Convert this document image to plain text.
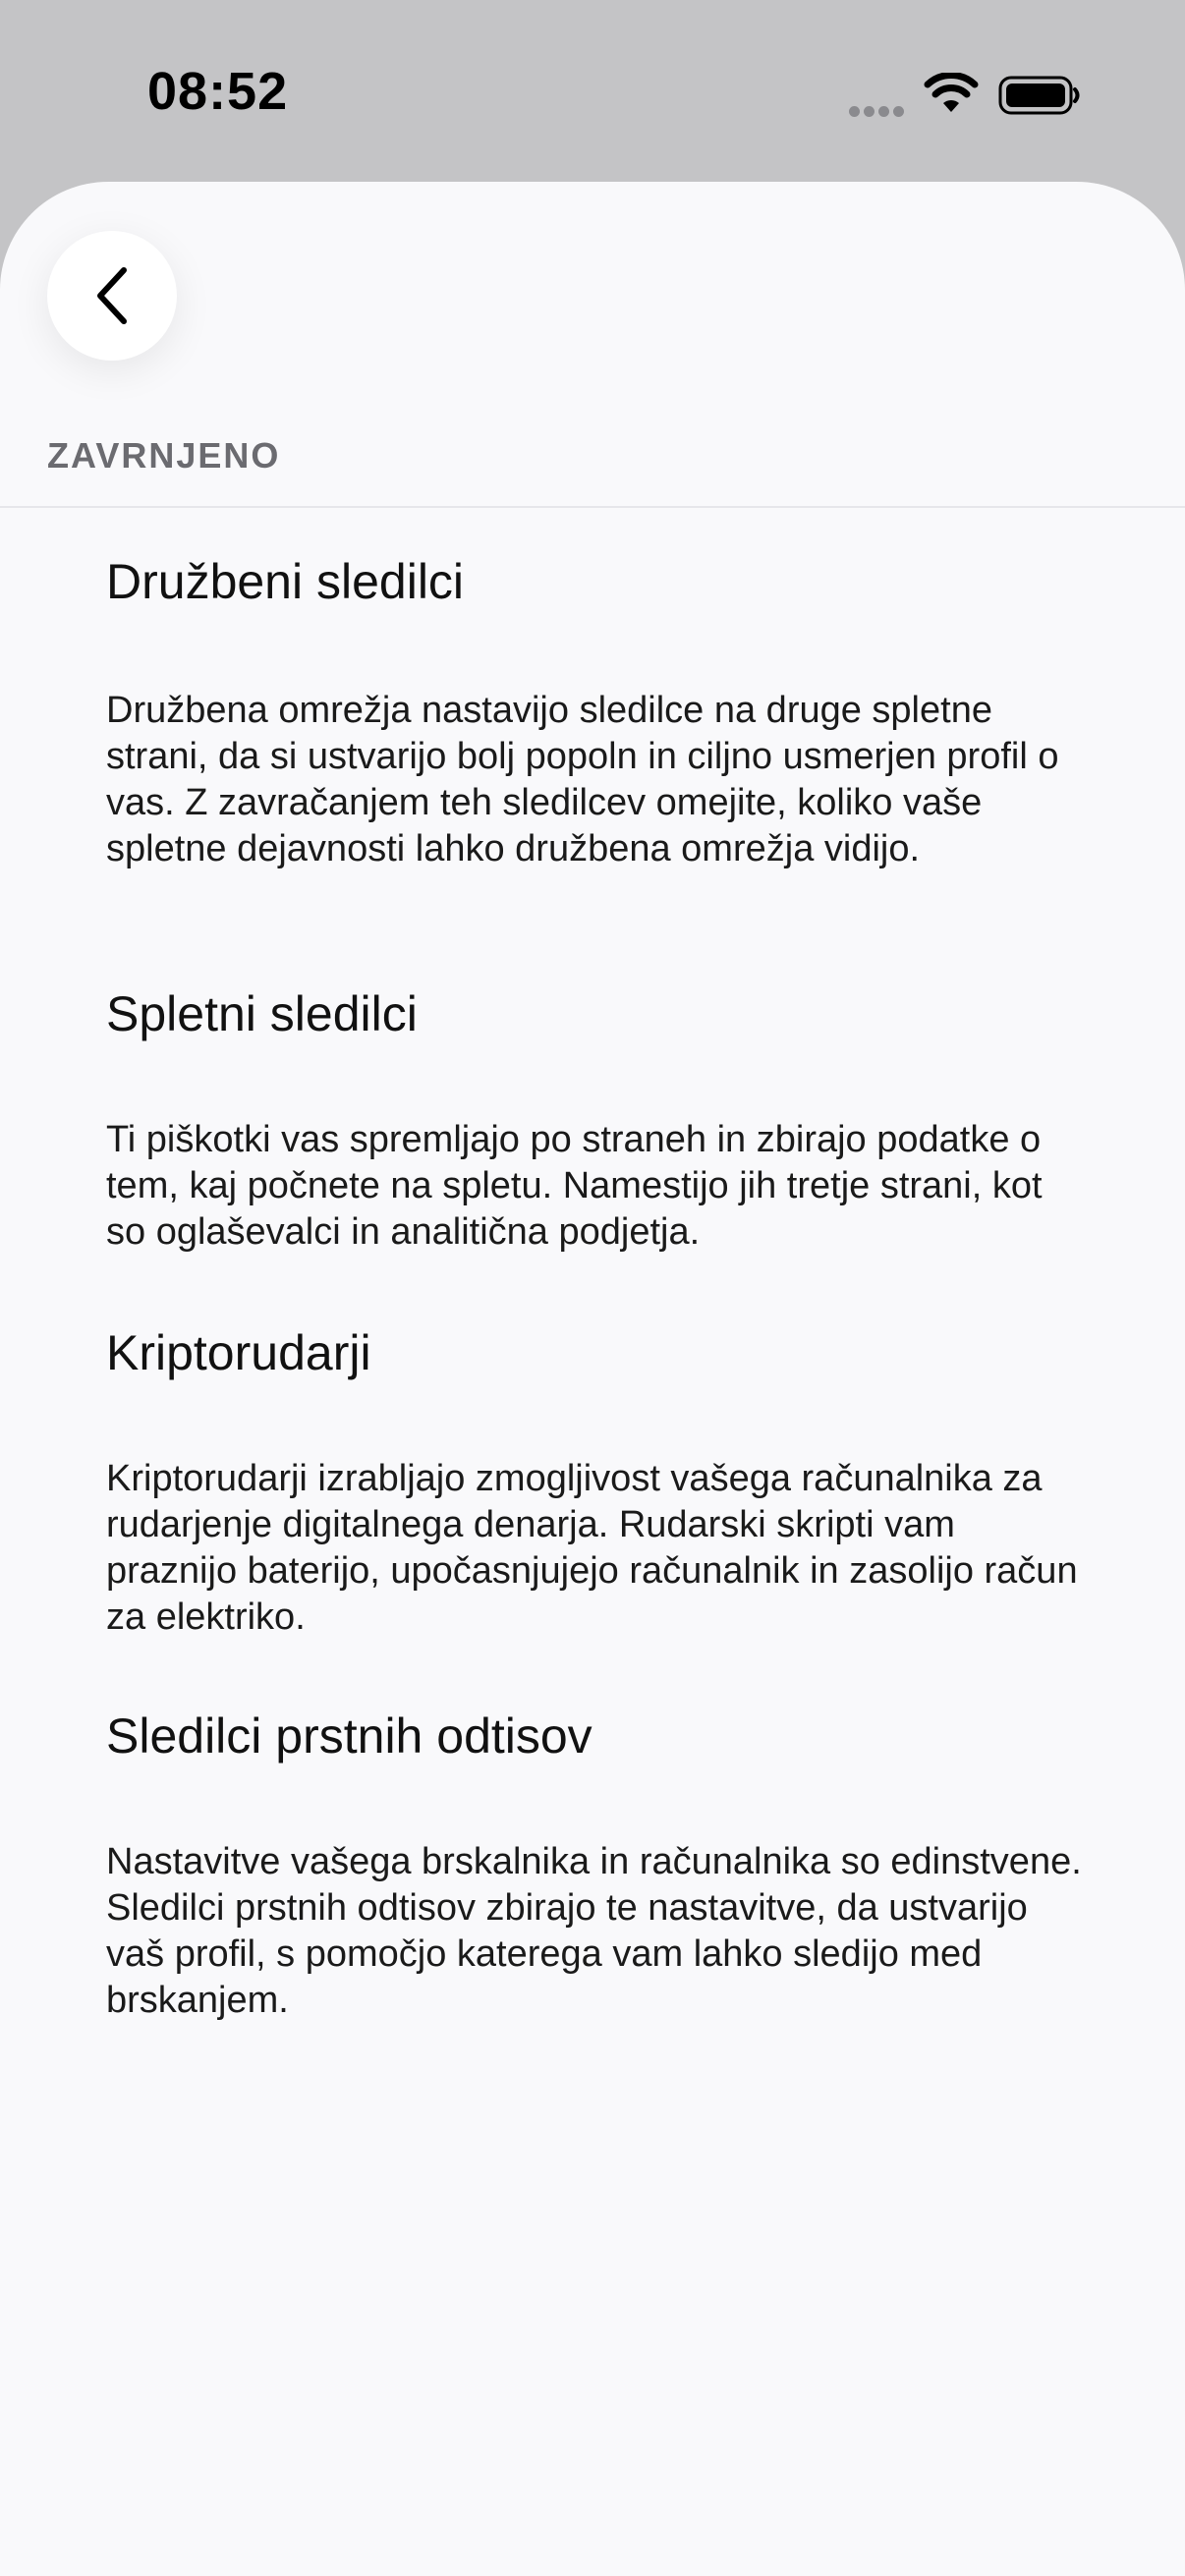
08:52
ZAVRNJENO
Družbeni sledilci
Družbena omrežja nastavijo sledilce na druge spletne strani, da si ustvarijo bolj popoln in ciljno usmerjen profil o vas. Z zavračanjem teh sledilcev omejite, koliko vaše spletne dejavnosti lahko družbena omrežja vidijo.
Spletni sledilci
Ti piškotki vas spremljajo po straneh in zbirajo podatke o tem, kaj počnete na spletu. Namestijo jih tretje strani, kot so oglaševalci in analitična podjetja.
Kriptorudarji
Kriptorudarji izrabljajo zmogljivost vašega računalnika za rudarjenje digitalnega denarja. Rudarski skripti vam praznijo baterijo, upočasnjujejo računalnik in zasolijo račun za elektriko.
Sledilci prstnih odtisov
Nastavitve vašega brskalnika in računalnika so edinstvene. Sledilci prstnih odtisov zbirajo te nastavitve, da ustvarijo vaš profil, s pomočjo katerega vam lahko sledijo med brskanjem.
